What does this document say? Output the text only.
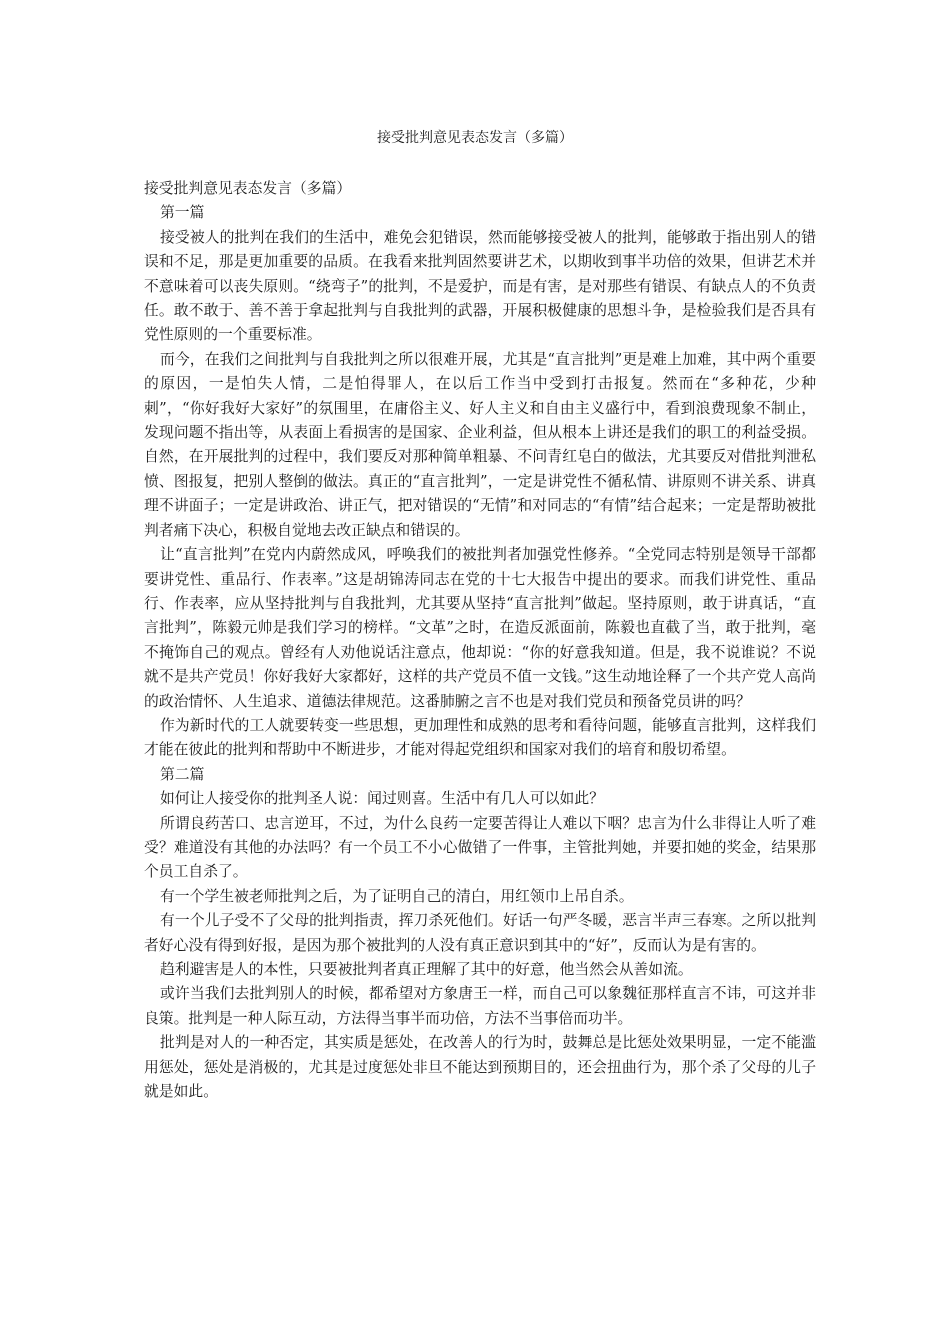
接受批判意见表态发言（多篇）

接受批判意见表态发言（多篇）

第一篇

接受被人的批判在我们的生活中，难免会犯错误，然而能够接受被人的批判，能够敢于指出别人的错误和不足，那是更加重要的品质。在我看来批判固然要讲艺术，以期收到事半功倍的效果，但讲艺术并不意味着可以丧失原则。“绕弯子”的批判，不是爱护，而是有害，是对那些有错误、有缺点人的不负责任。敢不敢于、善不善于拿起批判与自我批判的武器，开展积极健康的思想斗争，是检验我们是否具有党性原则的一个重要标准。

而今，在我们之间批判与自我批判之所以很难开展，尤其是“直言批判”更是难上加难，其中两个重要的原因，一是怕失人情，二是怕得罪人，在以后工作当中受到打击报复。然而在“多种花，少种刺”，“你好我好大家好”的氛围里，在庸俗主义、好人主义和自由主义盛行中，看到浪费现象不制止，发现问题不指出等，从表面上看损害的是国家、企业利益，但从根本上讲还是我们的职工的利益受损。自然，在开展批判的过程中，我们要反对那种简单粗暴、不问青红皂白的做法，尤其要反对借批判泄私愤、图报复，把别人整倒的做法。真正的“直言批判”，一定是讲党性不循私情、讲原则不讲关系、讲真理不讲面子；一定是讲政治、讲正气，把对错误的“无情”和对同志的“有情”结合起来；一定是帮助被批判者痛下决心，积极自觉地去改正缺点和错误的。

让“直言批判”在党内内蔚然成风，呼唤我们的被批判者加强党性修养。“全党同志特别是领导干部都要讲党性、重品行、作表率。”这是胡锦涛同志在党的十七大报告中提出的要求。而我们讲党性、重品行、作表率，应从坚持批判与自我批判，尤其要从坚持“直言批判”做起。坚持原则，敢于讲真话，“直言批判”，陈毅元帅是我们学习的榜样。“文革”之时，在造反派面前，陈毅也直截了当，敢于批判，毫不掩饰自己的观点。曾经有人劝他说话注意点，他却说：“你的好意我知道。但是，我不说谁说？不说就不是共产党员！你好我好大家都好，这样的共产党员不值一文钱。”这生动地诠释了一个共产党人高尚的政治情怀、人生追求、道德法律规范。这番肺腑之言不也是对我们党员和预备党员讲的吗？

作为新时代的工人就要转变一些思想，更加理性和成熟的思考和看待问题，能够直言批判，这样我们才能在彼此的批判和帮助中不断进步，才能对得起党组织和国家对我们的培育和殷切希望。

第二篇

如何让人接受你的批判圣人说：闻过则喜。生活中有几人可以如此？

所谓良药苦口、忠言逆耳，不过，为什么良药一定要苦得让人难以下咽？忠言为什么非得让人听了难受？难道没有其他的办法吗？有一个员工不小心做错了一件事，主管批判她，并要扣她的奖金，结果那个员工自杀了。

有一个学生被老师批判之后，为了证明自己的清白，用红领巾上吊自杀。

有一个儿子受不了父母的批判指责，挥刀杀死他们。好话一句严冬暖，恶言半声三春寒。之所以批判者好心没有得到好报，是因为那个被批判的人没有真正意识到其中的“好”，反而认为是有害的。

趋利避害是人的本性，只要被批判者真正理解了其中的好意，他当然会从善如流。

或许当我们去批判别人的时候，都希望对方象唐王一样，而自己可以象魏征那样直言不讳，可这并非良策。批判是一种人际互动，方法得当事半而功倍，方法不当事倍而功半。

批判是对人的一种否定，其实质是惩处，在改善人的行为时，鼓舞总是比惩处效果明显，一定不能滥用惩处，惩处是消极的，尤其是过度惩处非旦不能达到预期目的，还会扭曲行为，那个杀了父母的儿子就是如此。
